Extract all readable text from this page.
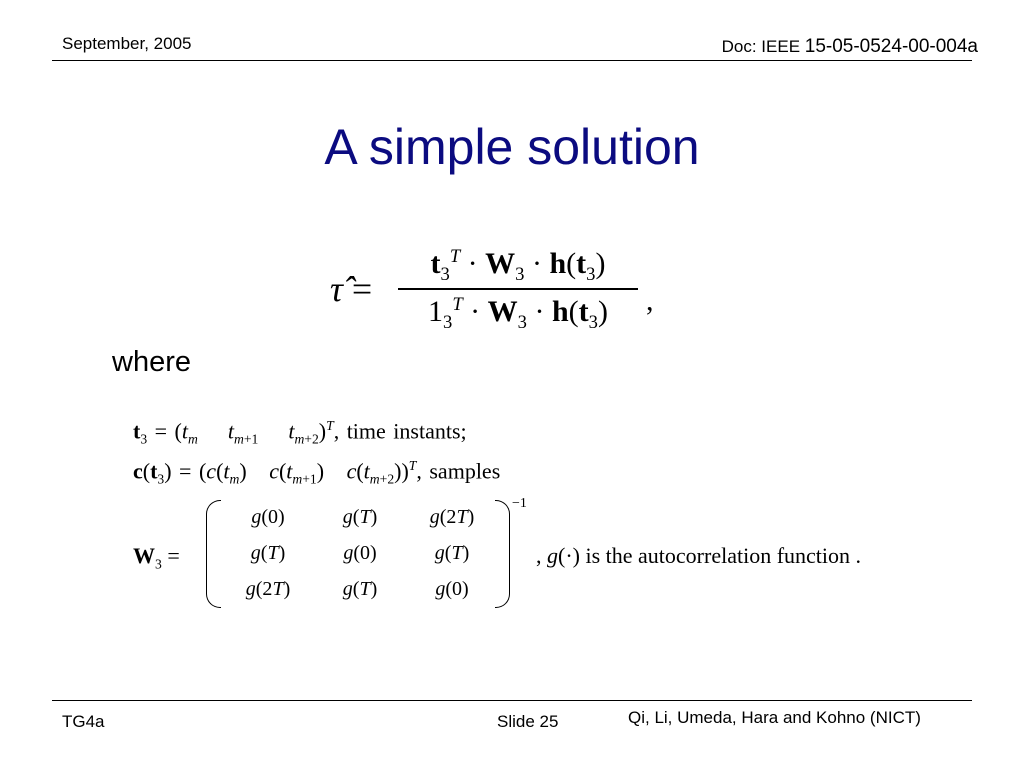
September, 2005	Doc: IEEE 15-05-0524-00-004a
A simple solution
τ̂ =
$t_3^T \cdot W_3 \cdot h(t_3)$
$1_3^T \cdot W_3 \cdot h(t_3)$	,
where
$t_3 = (t_m$ $t_{m+1}$ $t_{m+2})^T$, time instants;
$c(t_3) = (c(t_m)$   $c(t_{m+1})$   $c(t_{m+2}))^T$, samples
$W_3$ =
g(0)	g(T)	g(2T)
g(T)	g(0)	g(T)
g(2T)	g(T)	g(0)
−1
, g(·) is the autocorrelation function .
TG4a	Slide 25	Qi, Li, Umeda, Hara and Kohno (NICT)
